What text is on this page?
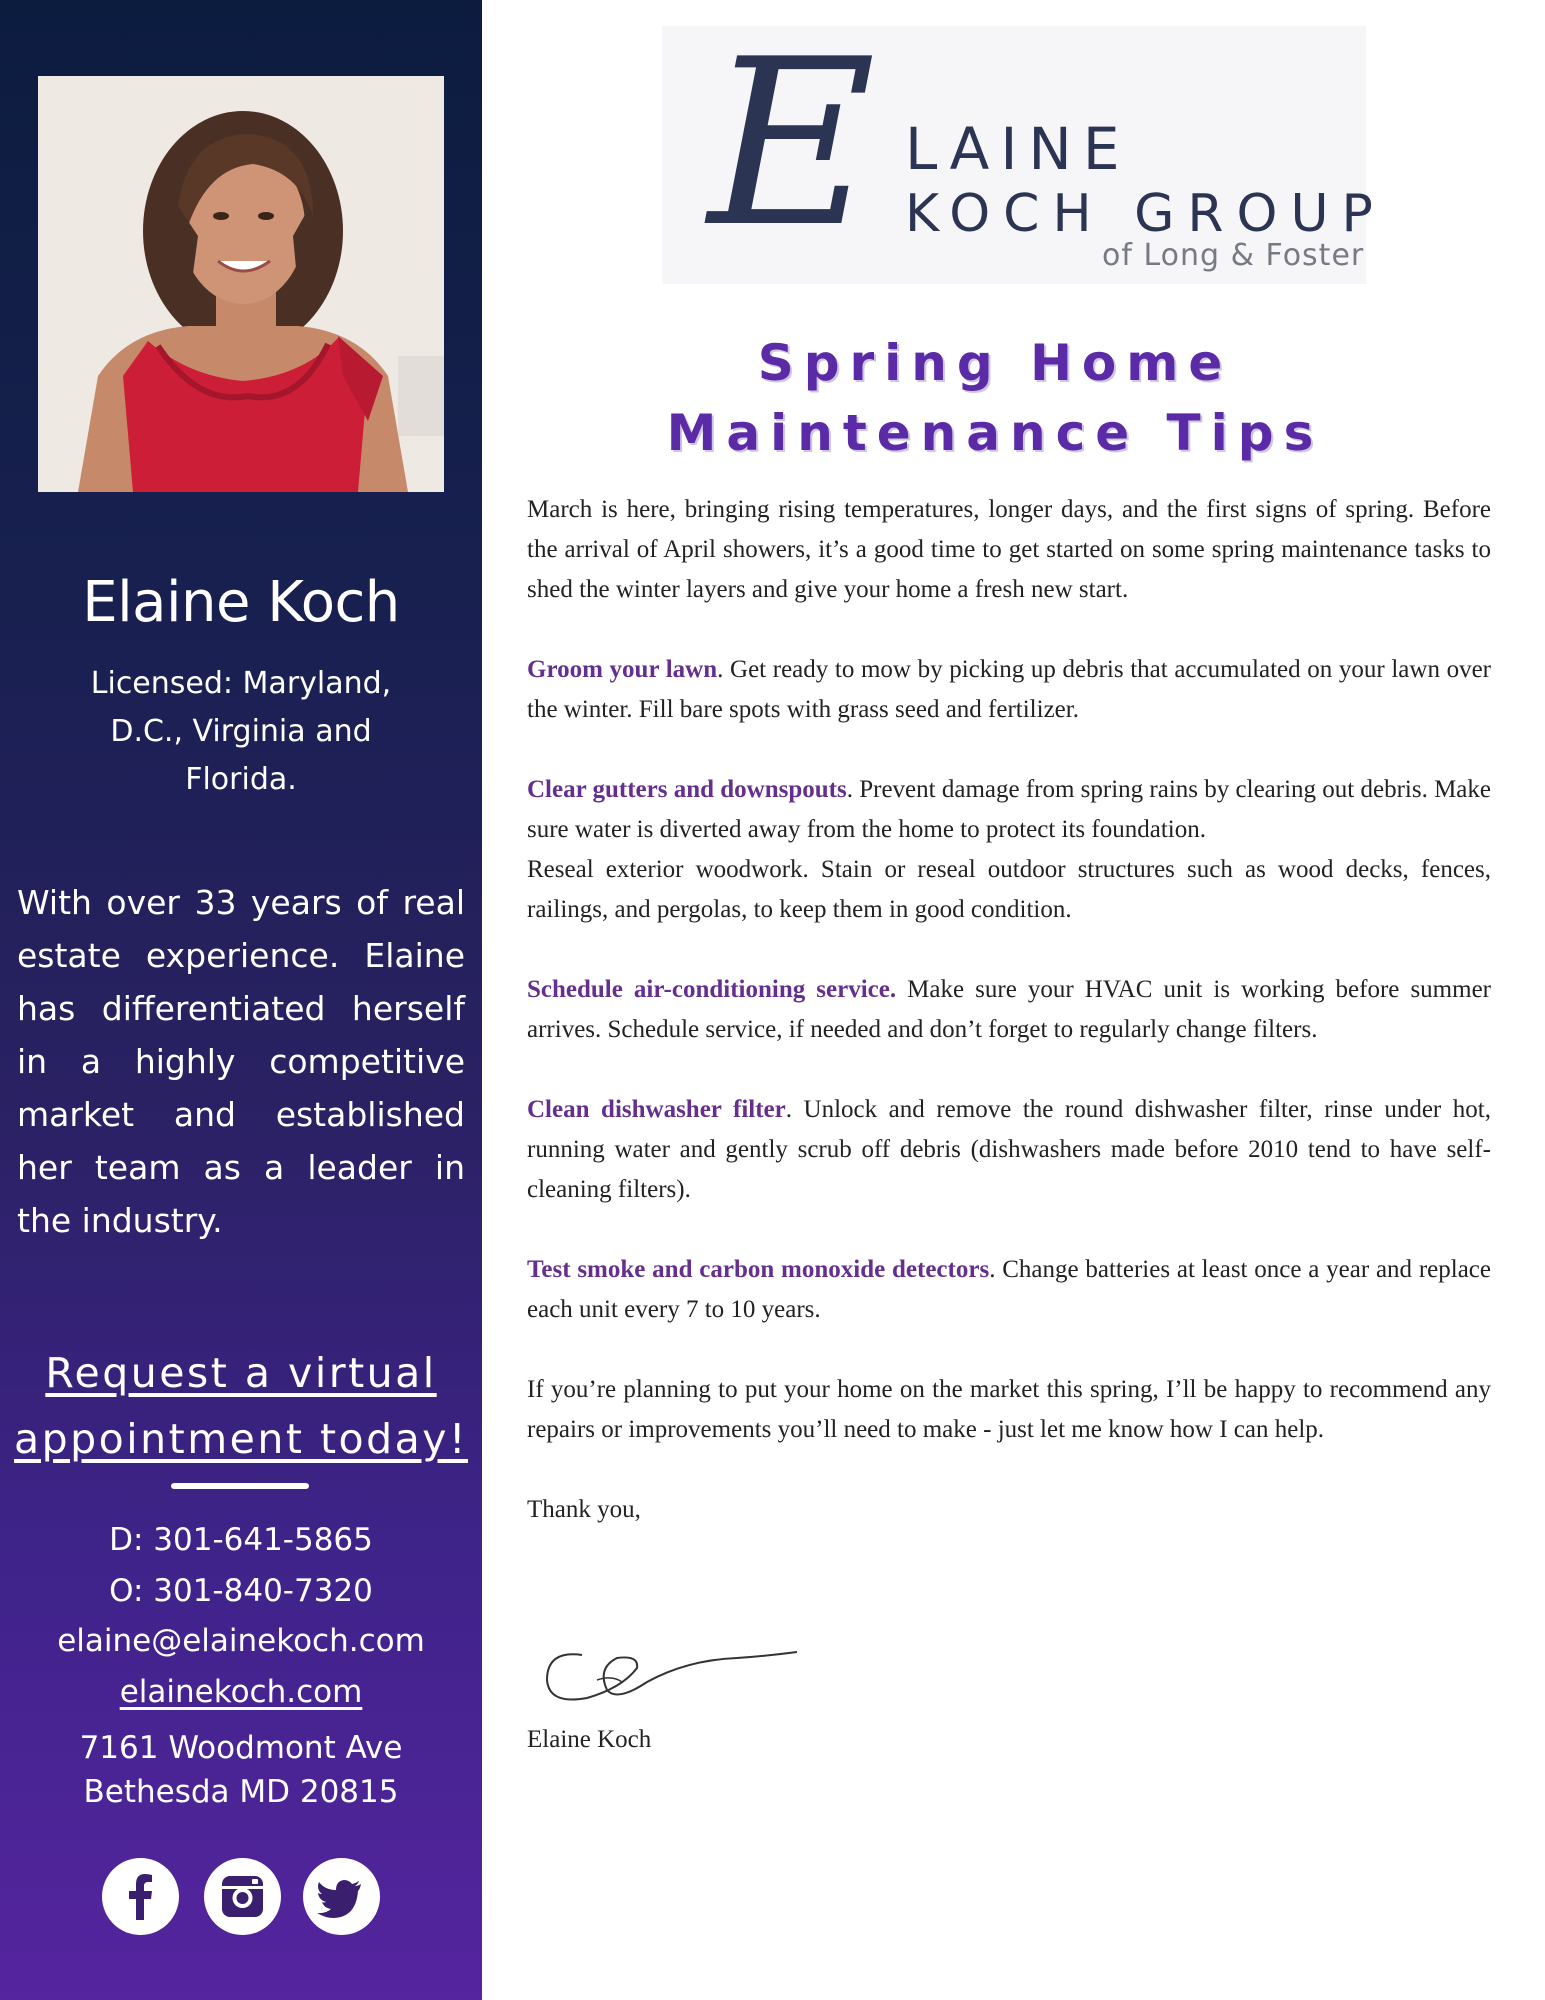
Elaine Koch
Licensed: Maryland, D.C., Virginia and Florida.
With over 33 years of real estate experience. Elaine has differentiated herself in a highly competitive market and established her team as a leader in the industry.
Request a virtual
appointment today!
D: 301-641-5865
O: 301-840-7320
elaine@elainekoch.com
elainekoch.com
7161 Woodmont Ave
Bethesda MD 20815
E LAINE
KOCH GROUP
of Long & Foster
Spring Home Maintenance Tips

March is here, bringing rising temperatures, longer days, and the first signs of spring. Before the arrival of April showers, it’s a good time to get started on some spring maintenance tasks to shed the winter layers and give your home a fresh new start.

Groom your lawn. Get ready to mow by picking up debris that accumulated on your lawn over the winter. Fill bare spots with grass seed and fertilizer.

Clear gutters and downspouts. Prevent damage from spring rains by clearing out debris. Make sure water is diverted away from the home to protect its foundation.

Reseal exterior woodwork. Stain or reseal outdoor structures such as wood decks, fences, railings, and pergolas, to keep them in good condition.

Schedule air-conditioning service. Make sure your HVAC unit is working before summer arrives. Schedule service, if needed and don’t forget to regularly change filters.

Clean dishwasher filter. Unlock and remove the round dishwasher filter, rinse under hot, running water and gently scrub off debris (dishwashers made before 2010 tend to have self-cleaning filters).

Test smoke and carbon monoxide detectors. Change batteries at least once a year and replace each unit every 7 to 10 years.

If you’re planning to put your home on the market this spring, I’ll be happy to recommend any repairs or improvements you’ll need to make - just let me know how I can help.

Thank you,

Elaine Koch
